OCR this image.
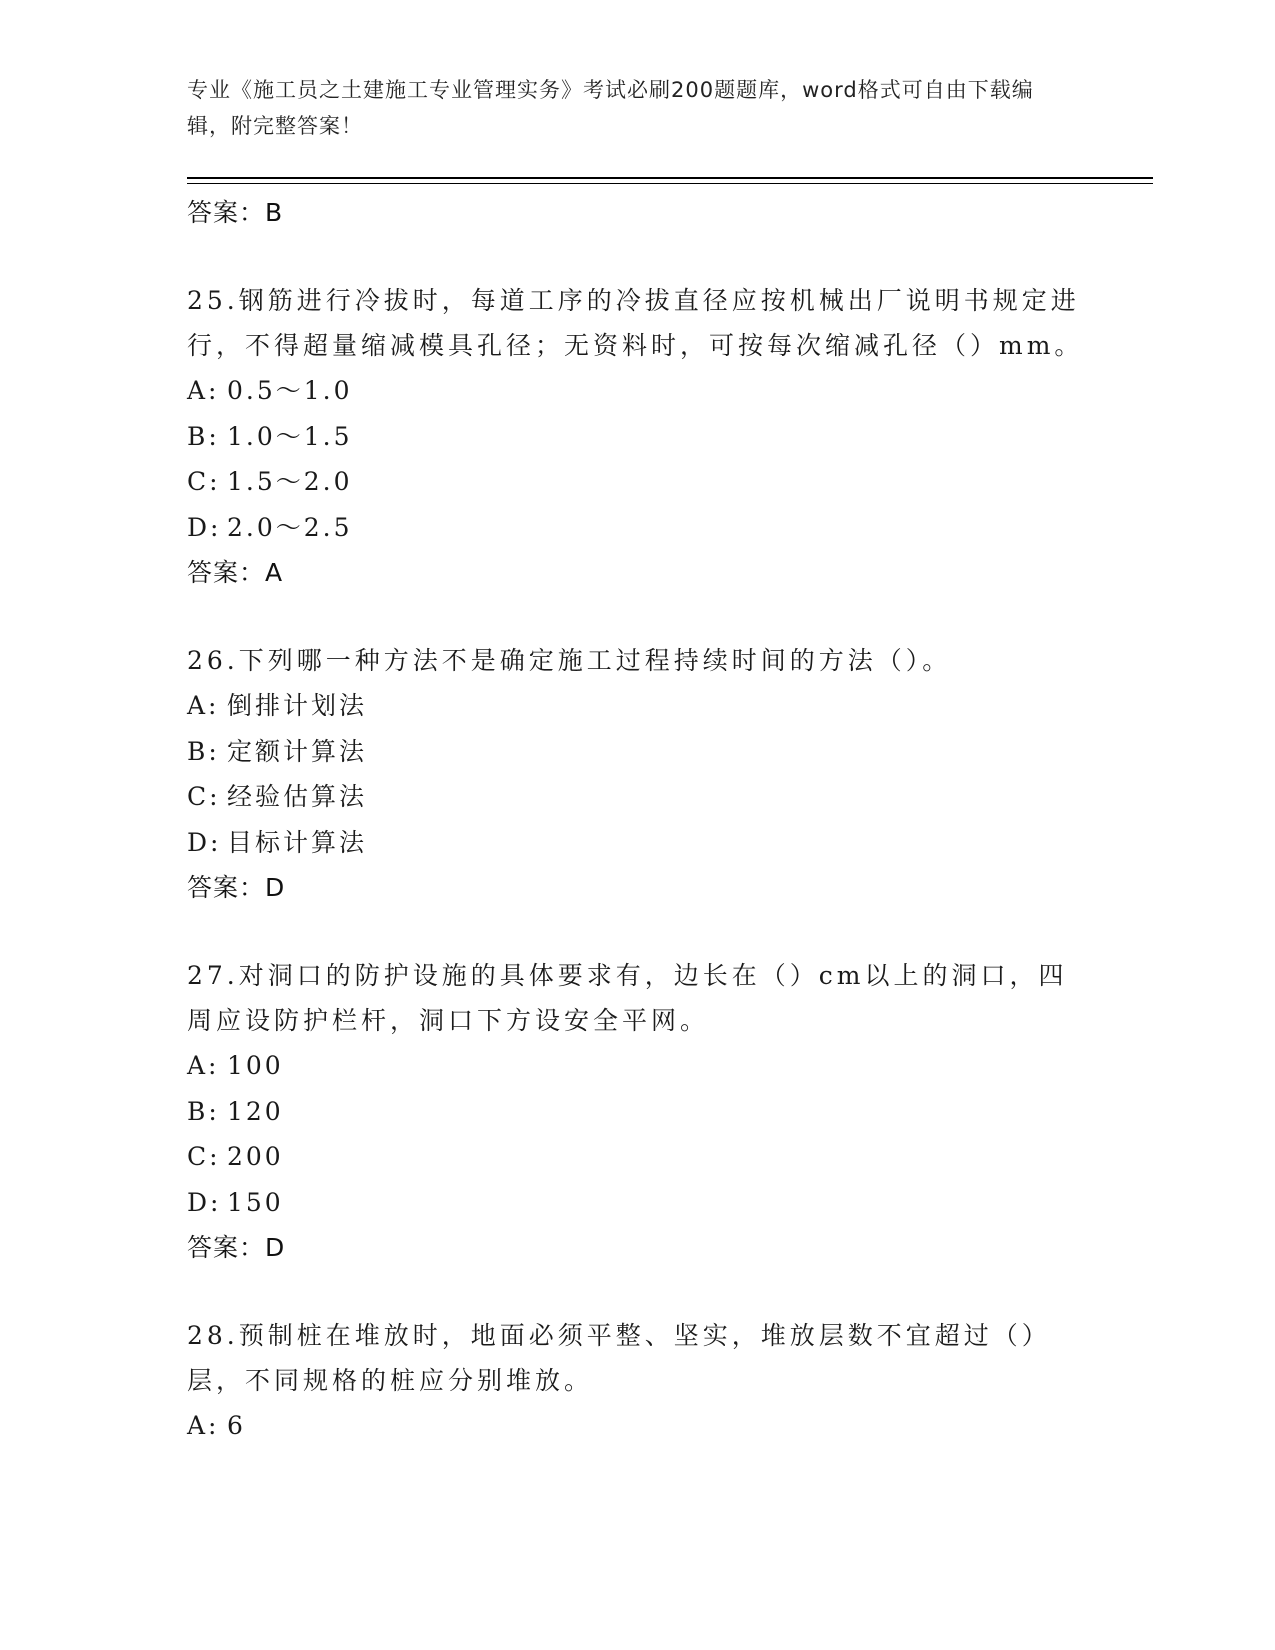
专业《施工员之土建施工专业管理实务》考试必刷200题题库，word格式可自由下载编辑，附完整答案！
答案：B
25.钢筋进行冷拔时，每道工序的冷拔直径应按机械出厂说明书规定进行，不得超量缩减模具孔径；无资料时，可按每次缩减孔径（）mm。
A: 0.5～1.0
B: 1.0～1.5
C: 1.5～2.0
D: 2.0～2.5
答案：A
26.下列哪一种方法不是确定施工过程持续时间的方法（）。
A: 倒排计划法
B: 定额计算法
C: 经验估算法
D: 目标计算法
答案：D
27.对洞口的防护设施的具体要求有，边长在（）cm以上的洞口，四周应设防护栏杆，洞口下方设安全平网。
A: 100
B: 120
C: 200
D: 150
答案：D
28.预制桩在堆放时，地面必须平整、坚实，堆放层数不宜超过（）层，不同规格的桩应分别堆放。
A: 6
